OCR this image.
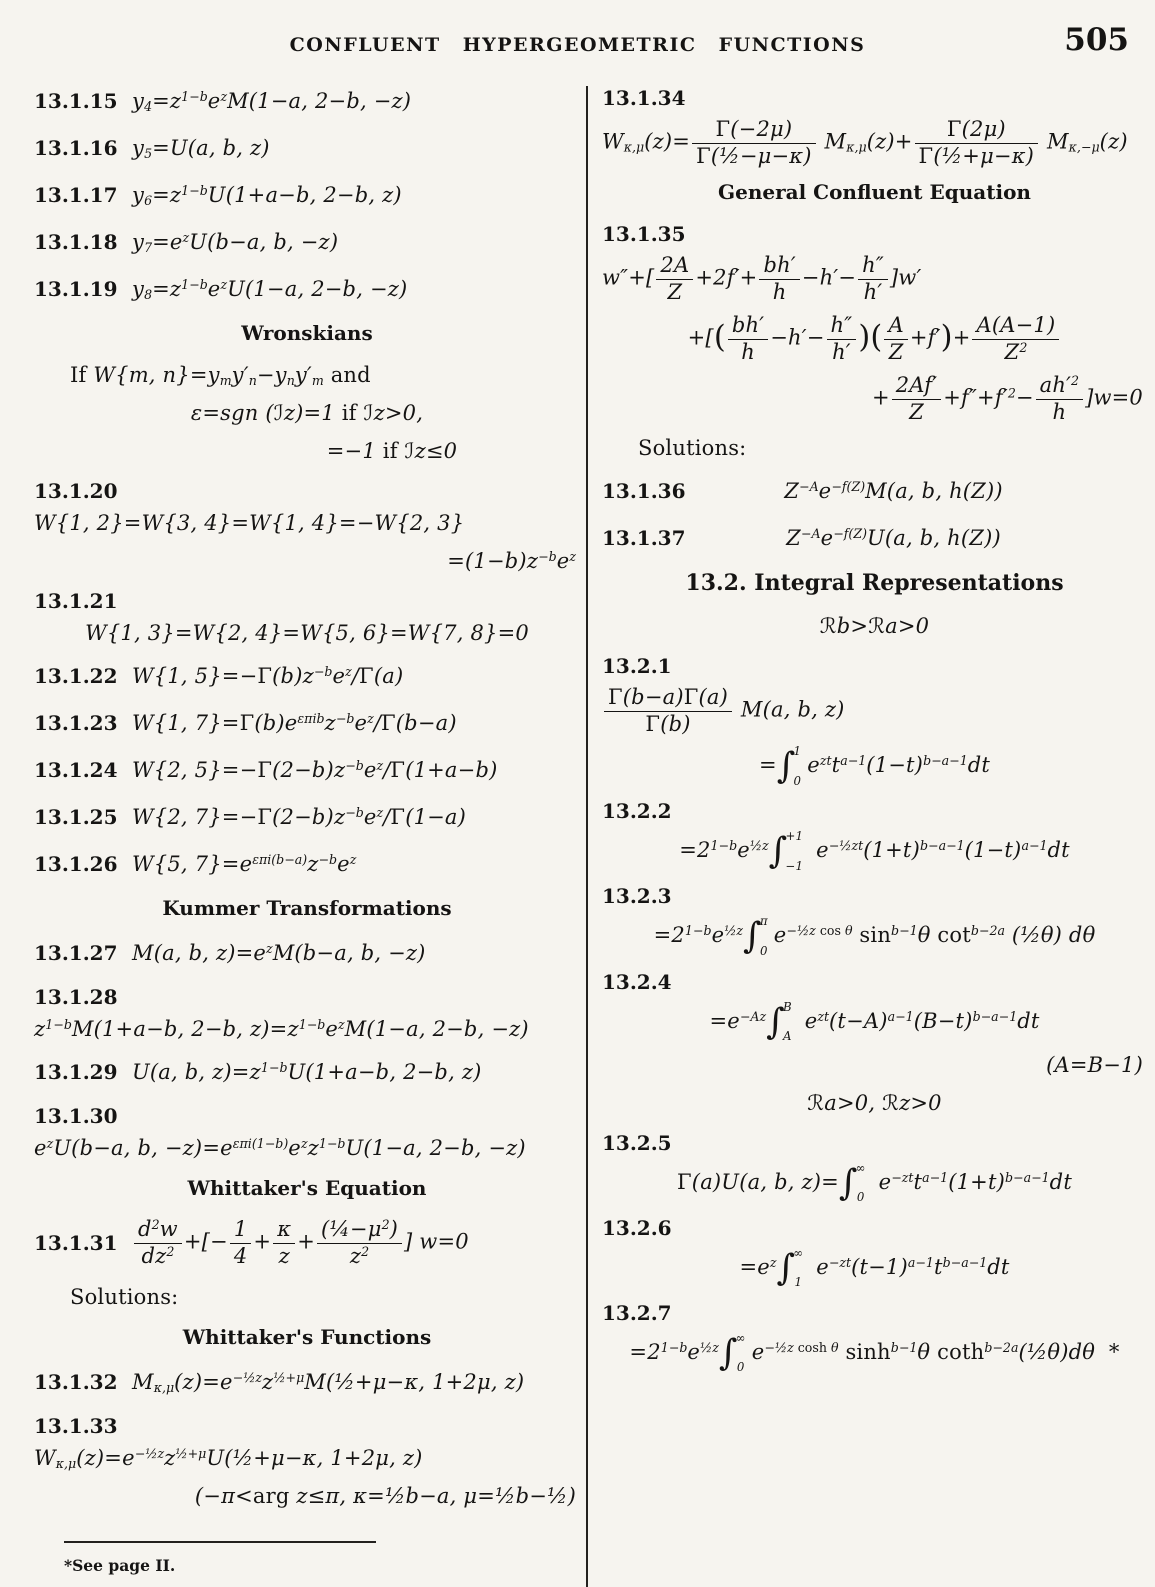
CONFLUENT HYPERGEOMETRIC FUNCTIONS	505
13.1.15 $y_4=z^{1-b}e^zM(1-a$, 2−b, −z)
13.1.16 $y_5=U(a$, b, z)
13.1.17 $y_6=z^{1-b}U(1+a-b$, 2−b, z)
13.1.18 $y_7=e^zU(b-a$, b, −z)
13.1.19 $y_8=z^{1-b}e^zU(1-a$, 2−b, −z)
Wronskians
If W{m, $n\}=y_my'_n-y_ny'_m$ and
ε=sgn (ℐz)=1 if ℐz>0,
=−1 if ℐz≤0
13.1.20
W{1, 2}=W{3, 4}=W{1, 4}=−W{2, 3}
$=(1-b)z^{-b}e^z$
13.1.21
W{1, 3}=W{2, 4}=W{5, 6}=W{7, 8}=0
13.1.22 W{1, $5\}=-\Gamma(b)z^{-b}e^z/\Gamma(a)$
13.1.23 W{1, $7\}=\Gamma(b)e^{\varepsilon\pi ib}z^{-b}e^z/\Gamma(b-a)$
13.1.24 W{2, $5\}=-\Gamma(2-b)z^{-b}e^z/\Gamma(1+a-b)$
13.1.25 W{2, $7\}=-\Gamma(2-b)z^{-b}e^z/\Gamma(1-a)$
13.1.26 W{5, $7\}=e^{\varepsilon\pi i(b-a)}z^{-b}e^z$
Kummer Transformations
13.1.27 M(a, b, $z)=e^zM(b-a$, b, −z)
13.1.28
$z^{1-b}M(1+a-b$, 2−b, $z)=z^{1-b}e^zM(1-a$, 2−b, −z)
13.1.29 U(a, b, $z)=z^{1-b}U(1+a-b$, 2−b, z)
13.1.30
$e^zU(b-a$, b, $-z)=e^{\varepsilon\pi i(1-b)}e^zz^{1-b}U(1-a$, 2−b, −z)
Whittaker's Equation
$13.1.31 \frac{d^2w}{dz^2}$ +[− $\frac{1}{4} + \frac{\kappa}{z} + \frac{(\frac{1}{4}-\mu^2)}{z^2}$ ] w=0
Solutions:
Whittaker's Functions
13.1.32 $M_{\kappa,\mu}(z)=e^{-\frac{1}{2}z}z^{\frac{1}{2}+\mu}M(\frac{1}{2}+\mu-\kappa$, 1+2μ, z)
13.1.33
$W_{\kappa,\mu}(z)=e^{-\frac{1}{2}z}z^{\frac{1}{2}+\mu}U(\frac{1}{2}+\mu-\kappa$, 1+2μ, z)
(−π<arg z≤π, κ=½b−a, μ=½b−½)
13.1.34
$W_{\kappa,\mu}(z)= \frac{\Gamma(-2\mu)}{\text{Γ(½−μ−κ)}} M_{\kappa,\mu}(z)+ \frac{\Gamma(2\mu)}{\text{Γ(½+μ−κ)}} M_{\kappa,-\mu}(z)$
General Confluent Equation
13.1.35
$w''+[ \frac{2A}{Z} +2f'+ \frac{bh'}{h} -h'- \frac{h''}{h'} ]w'$
+[( $\frac{bh'}{h} -h'- \frac{h''}{h'}$ )( $\frac{A}{Z} +f')+ \frac{A(A-1)}{Z^2}$
+ $\frac{2Af'}{Z} +f''+f'^2- \frac{ah'^2}{h} ]w=0$
Solutions:
13.1.36	$Z^{-A}e^{-f(Z)}M(a$, b, h(Z))
13.1.37	$Z^{-A}e^{-f(Z)}U(a$, b, h(Z))
13.2. Integral Representations
ℛb>ℛa>0
13.2.1
$\frac{\Gamma(b-a)\Gamma(a)}{\Gamma(b)} M(a$, b, z)
=∫
1
0
$e^{zt}t^{a-1}(1-t)^{b-a-1}dt$
13.2.2
$=2^{1-b}e^{\frac{1}{2}z}\int$
+1
−1
$e^{-\frac{1}{2}zt}(1+t)^{b-a-1}(1-t)^{a-1}dt$
13.2.3
$=2^{1-b}e^{\frac{1}{2}z}\int$
π
0
$e^{-\frac{1}{2}z cos \theta}$ $\sin^{b-1}\theta$ $\cot^{b-2a}$ (½θ) dθ
13.2.4
$=e^{-Az}\int$
B
A
$e^{zt}(t-A)^{a-1}(B-t)^{b-a-1}dt$
(A=B−1)
ℛa>0, ℛz>0
13.2.5
Γ(a)U(a, b, z)=∫
∞
0
$e^{-zt}t^{a-1}(1+t)^{b-a-1}dt$
13.2.6
$=e^z\int$
∞
1
$e^{-zt}(t-1)^{a-1}t^{b-a-1}dt$
13.2.7
$=2^{1-b}e^{\frac{1}{2}z}\int$
∞
0
$e^{-\frac{1}{2}z cosh \theta}$ $\sinh^{b-1}\theta$ coth$^{b-2a}$(½θ)dθ  *
*See page II.
